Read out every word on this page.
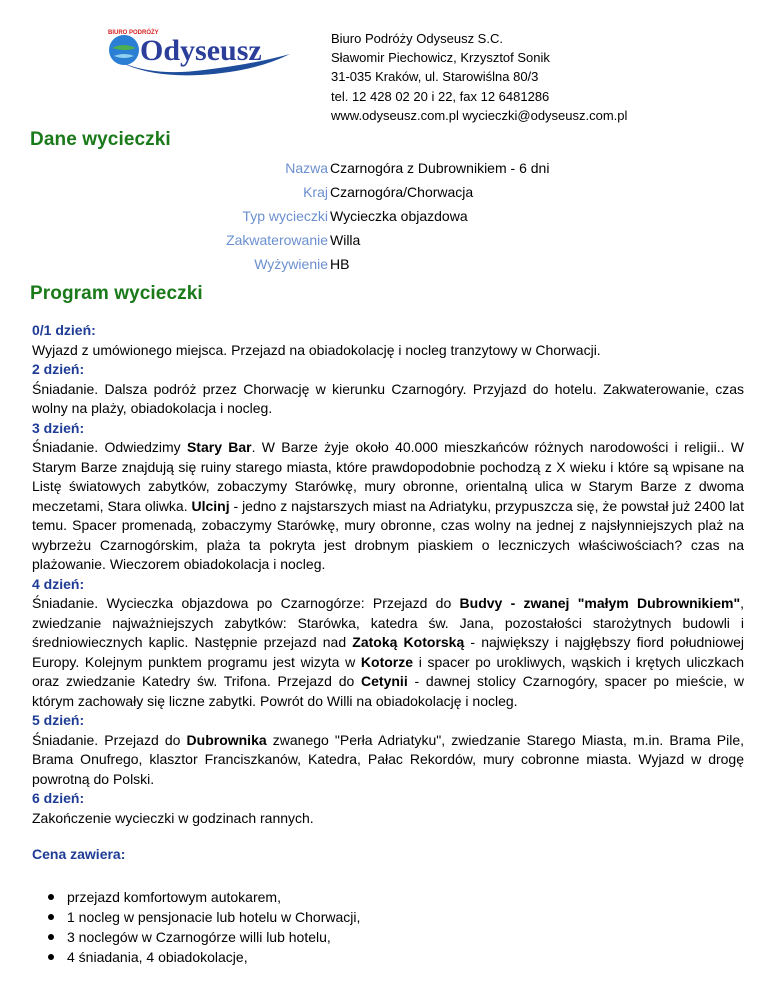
BIURO PODRÓŻY
Odyseusz	Biuro Podróży Odyseusz S.C.
Sławomir Piechowicz, Krzysztof Sonik
31-035 Kraków, ul. Starowiślna 80/3
tel. 12 428 02 20 i 22, fax 12 6481286
www.odyseusz.com.pl wycieczki@odyseusz.com.pl
Dane wycieczki
Nazwa Czarnogóra z Dubrownikiem - 6 dni
Kraj Czarnogóra/Chorwacja
Typ wycieczki Wycieczka objazdowa
Zakwaterowanie Willa
Wyżywienie HB
Program wycieczki
0/1 dzień:
Wyjazd z umówionego miejsca. Przejazd na obiadokolację i nocleg tranzytowy w Chorwacji.
2 dzień:
Śniadanie. Dalsza podróż przez Chorwację w kierunku Czarnogóry. Przyjazd do hotelu. Zakwaterowanie, czas wolny na plaży, obiadokolacja i nocleg.
3 dzień:
Śniadanie. Odwiedzimy Stary Bar. W Barze żyje około 40.000 mieszkańców różnych narodowości i religii.. W Starym Barze znajdują się ruiny starego miasta, które prawdopodobnie pochodzą z X wieku i które są wpisane na Listę światowych zabytków, zobaczymy Starówkę, mury obronne, orientalną ulica w Starym Barze z dwoma meczetami, Stara oliwka. Ulcinj - jedno z najstarszych miast na Adriatyku, przypuszcza się, że powstał już 2400 lat temu. Spacer promenadą, zobaczymy Starówkę, mury obronne, czas wolny na jednej z najsłynniejszych plaż na wybrzeżu Czarnogórskim, plaża ta pokryta jest drobnym piaskiem o leczniczych właściwościach? czas na plażowanie. Wieczorem obiadokolacja i nocleg.
4 dzień:
Śniadanie. Wycieczka objazdowa po Czarnogórze: Przejazd do Budvy - zwanej "małym Dubrownikiem", zwiedzanie najważniejszych zabytków: Starówka, katedra św. Jana, pozostałości starożytnych budowli i średniowiecznych kaplic. Następnie przejazd nad Zatoką Kotorską - największy i najgłębszy fiord południowej Europy. Kolejnym punktem programu jest wizyta w Kotorze i spacer po urokliwych, wąskich i krętych uliczkach oraz zwiedzanie Katedry św. Trifona. Przejazd do Cetynii - dawnej stolicy Czarnogóry, spacer po mieście, w którym zachowały się liczne zabytki. Powrót do Willi na obiadokolację i nocleg.
5 dzień:
Śniadanie. Przejazd do Dubrownika zwanego "Perła Adriatyku", zwiedzanie Starego Miasta, m.in. Brama Pile, Brama Onufrego, klasztor Franciszkanów, Katedra, Pałac Rekordów, mury cobronne miasta. Wyjazd w drogę powrotną do Polski.
6 dzień:
Zakończenie wycieczki w godzinach rannych.
Cena zawiera:
przejazd komfortowym autokarem,
1 nocleg w pensjonacie lub hotelu w Chorwacji,
3 noclegów w Czarnogórze willi lub hotelu,
4 śniadania, 4 obiadokolacje,
